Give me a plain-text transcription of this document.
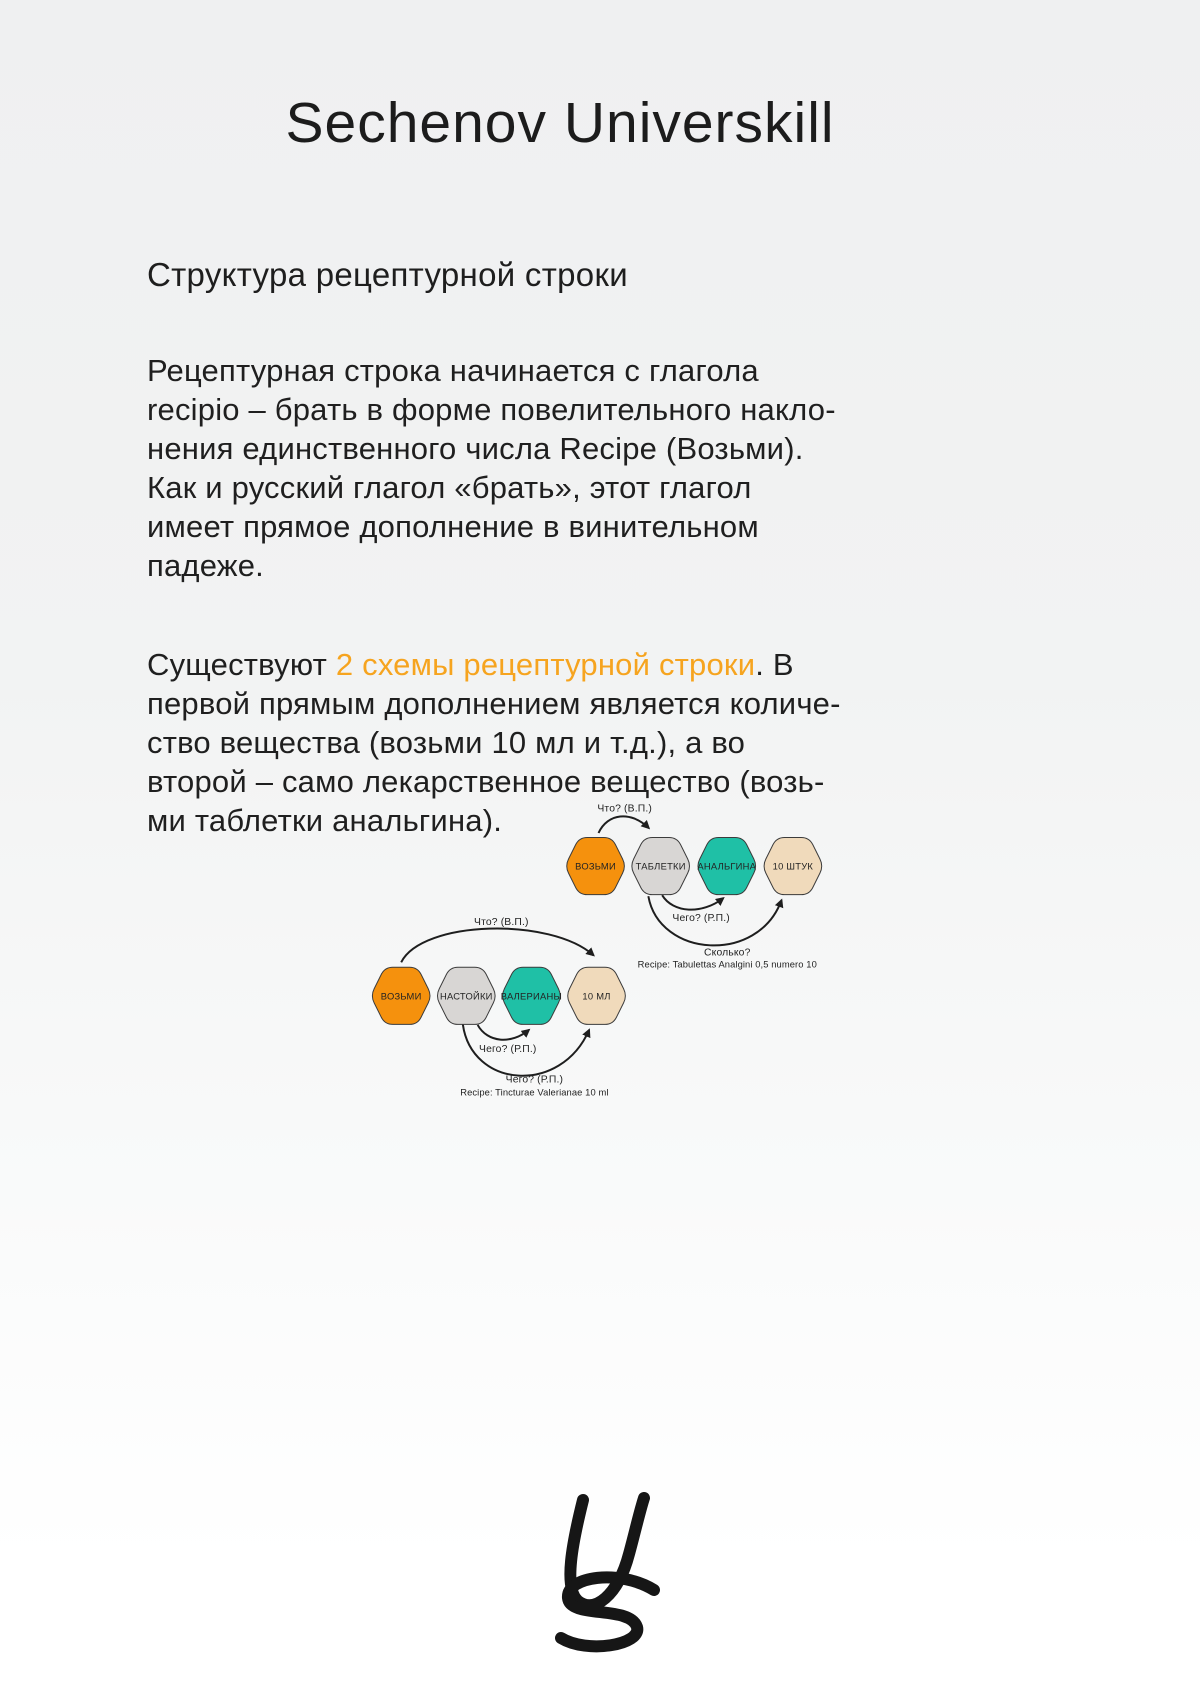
Sechenov Universkill
Структура рецептурной строки
Рецептурная строка начинается с глагола
recipio – брать в форме повелительного накло-
нения единственного числа Recipe (Возьми).
Как и русский глагол «брать», этот глагол
имеет прямое дополнение в винительном
падеже.
Существуют 2 схемы рецептурной строки. В
первой прямым дополнением является количе-
ство вещества (возьми 10 мл и т.д.), а во
второй – само лекарственное вещество (возь-
ми таблетки анальгина).	Что? (В.П.)
Чего? (Р.П.)
Сколько?
Recipe: Tabulettas Analgini 0,5 numero 10
ВОЗЬМИ ТАБЛЕТКИ АНАЛЬГИНА 10 ШТУК
Что? (В.П.)
Чего? (Р.П.)
Чего? (Р.П.)
Recipe: Tincturae Valerianae 10 ml
ВОЗЬМИ НАСТОЙКИ ВАЛЕРИАНЫ 10 МЛ
